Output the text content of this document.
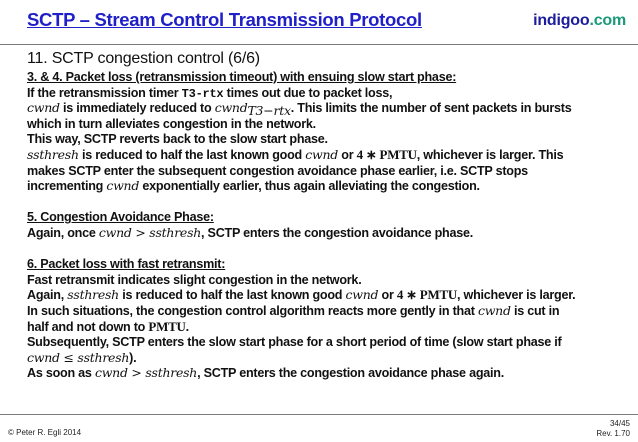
SCTP – Stream Control Transmission Protocol	indigoo.com
11. SCTP congestion control (6/6)
3. & 4. Packet loss (retransmission timeout) with ensuing slow start phase:
If the retransmission timer T3-rtx times out due to packet loss,
cwnd is immediately reduced to cwnd$_{T3-rtx}$. This limits the number of sent packets in bursts
which in turn alleviates congestion in the network.
This way, SCTP reverts back to the slow start phase.
ssthresh is reduced to half the last known good cwnd or 4 ∗ PMTU, whichever is larger. This
makes SCTP enter the subsequent congestion avoidance phase earlier, i.e. SCTP stops
incrementing cwnd exponentially earlier, thus again alleviating the congestion.
5. Congestion Avoidance Phase:
Again, once cwnd > ssthresh, SCTP enters the congestion avoidance phase.
6. Packet loss with fast retransmit:
Fast retransmit indicates slight congestion in the network.
Again, ssthresh is reduced to half the last known good cwnd or 4 ∗ PMTU, whichever is larger.
In such situations, the congestion control algorithm reacts more gently in that cwnd is cut in
half and not down to PMTU.
Subsequently, SCTP enters the slow start phase for a short period of time (slow start phase if
cwnd ≤ ssthresh).
As soon as cwnd > ssthresh, SCTP enters the congestion avoidance phase again.
© Peter R. Egli 2014
34/45
Rev. 1.70
